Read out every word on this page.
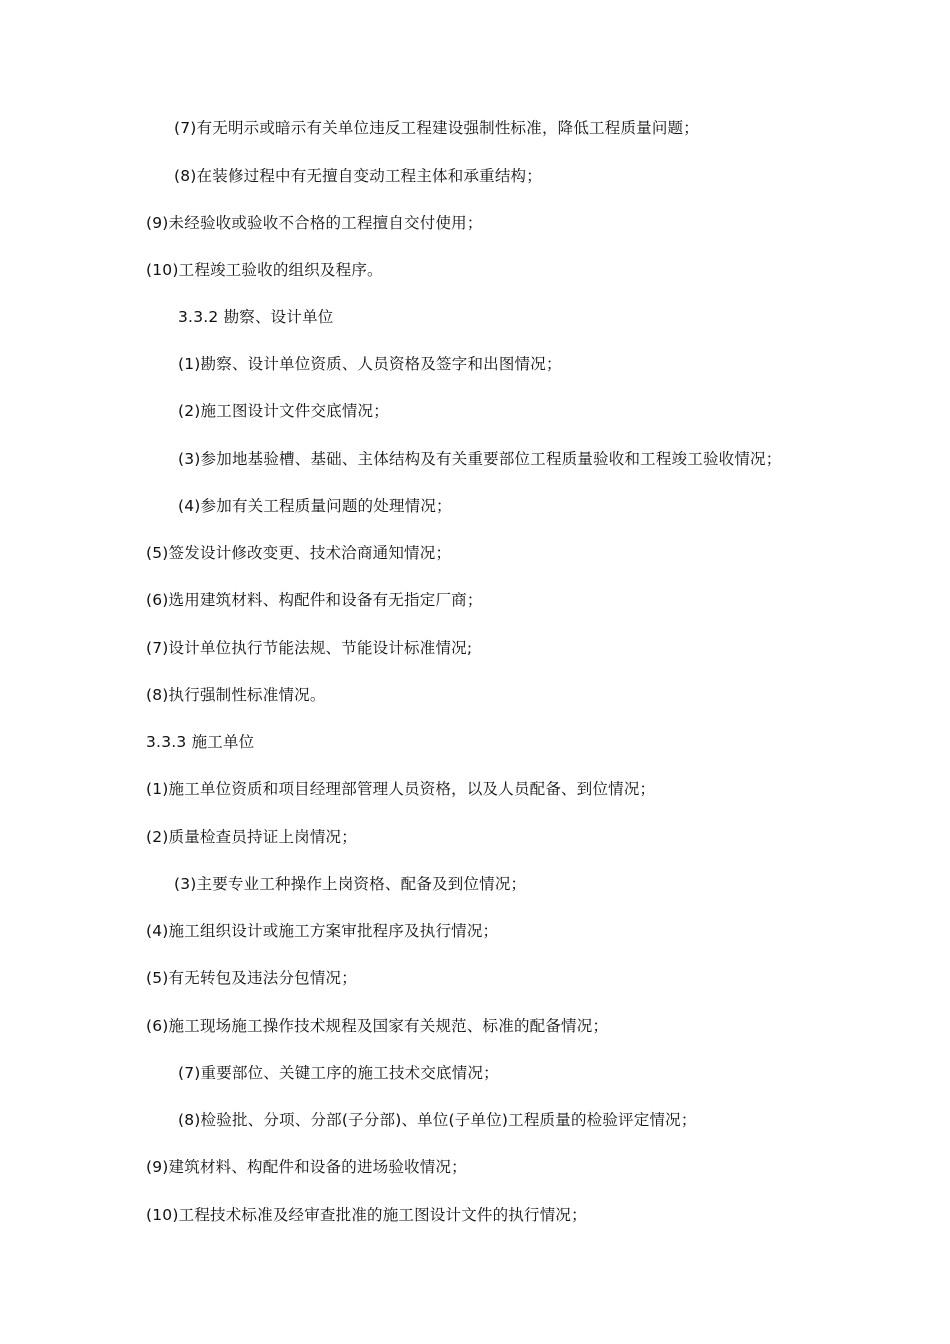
(7)有无明示或暗示有关单位违反工程建设强制性标准，降低工程质量问题；
(8)在装修过程中有无擅自变动工程主体和承重结构；
(9)未经验收或验收不合格的工程擅自交付使用；
(10)工程竣工验收的组织及程序。
3.3.2 勘察、设计单位
(1)勘察、设计单位资质、人员资格及签字和出图情况；
(2)施工图设计文件交底情况；
(3)参加地基验槽、基础、主体结构及有关重要部位工程质量验收和工程竣工验收情况；
(4)参加有关工程质量问题的处理情况；
(5)签发设计修改变更、技术洽商通知情况；
(6)选用建筑材料、构配件和设备有无指定厂商；
(7)设计单位执行节能法规、节能设计标准情况;
(8)执行强制性标准情况。
3.3.3 施工单位
(1)施工单位资质和项目经理部管理人员资格，以及人员配备、到位情况；
(2)质量检查员持证上岗情况；
(3)主要专业工种操作上岗资格、配备及到位情况；
(4)施工组织设计或施工方案审批程序及执行情况；
(5)有无转包及违法分包情况；
(6)施工现场施工操作技术规程及国家有关规范、标准的配备情况；
(7)重要部位、关键工序的施工技术交底情况；
(8)检验批、分项、分部(子分部)、单位(子单位)工程质量的检验评定情况；
(9)建筑材料、构配件和设备的进场验收情况；
(10)工程技术标准及经审查批准的施工图设计文件的执行情况；
